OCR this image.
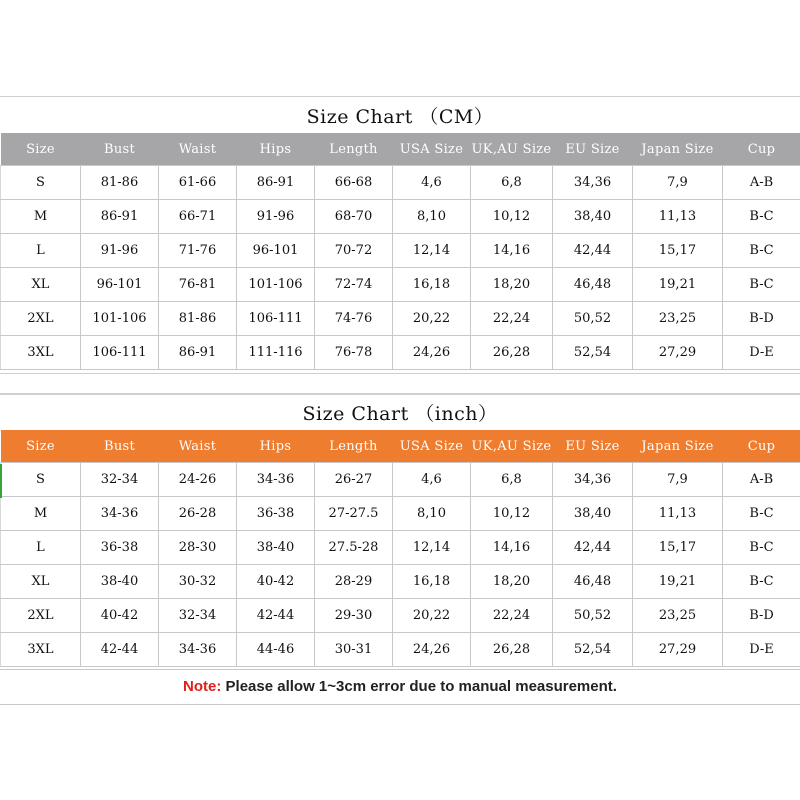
Size Chart （CM）
Size	Bust	Waist	Hips	Length	USA Size	UK,AU Size	EU Size	Japan Size	Cup
S	81-86	61-66	86-91	66-68	4,6	6,8	34,36	7,9	A-B
M	86-91	66-71	91-96	68-70	8,10	10,12	38,40	11,13	B-C
L	91-96	71-76	96-101	70-72	12,14	14,16	42,44	15,17	B-C
XL	96-101	76-81	101-106	72-74	16,18	18,20	46,48	19,21	B-C
2XL	101-106	81-86	106-111	74-76	20,22	22,24	50,52	23,25	B-D
3XL	106-111	86-91	111-116	76-78	24,26	26,28	52,54	27,29	D-E
Size Chart （inch）
Size	Bust	Waist	Hips	Length	USA Size	UK,AU Size	EU Size	Japan Size	Cup
S	32-34	24-26	34-36	26-27	4,6	6,8	34,36	7,9	A-B
M	34-36	26-28	36-38	27-27.5	8,10	10,12	38,40	11,13	B-C
L	36-38	28-30	38-40	27.5-28	12,14	14,16	42,44	15,17	B-C
XL	38-40	30-32	40-42	28-29	16,18	18,20	46,48	19,21	B-C
2XL	40-42	32-34	42-44	29-30	20,22	22,24	50,52	23,25	B-D
3XL	42-44	34-36	44-46	30-31	24,26	26,28	52,54	27,29	D-E
Note: Please allow 1~3cm error due to manual measurement.
